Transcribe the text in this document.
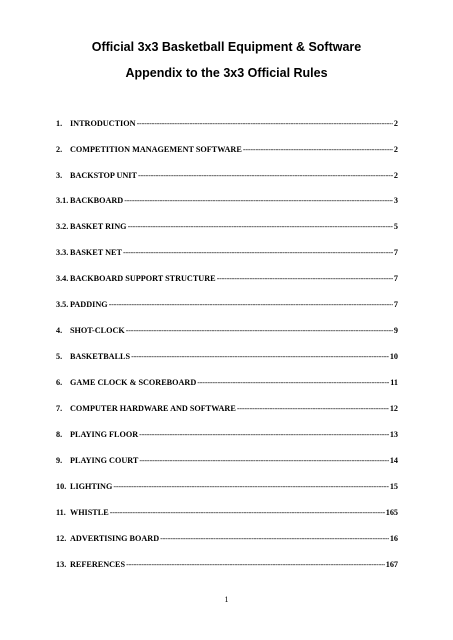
Official 3x3 Basketball Equipment & Software
Appendix to the 3x3 Official Rules
1. INTRODUCTION -----	2
2. COMPETITION MANAGEMENT SOFTWARE -----	2
3. BACKSTOP UNIT -----	2
3.1. BACKBOARD -----	3
3.2. BASKET RING -----	5
3.3. BASKET NET -----	7
3.4. BACKBOARD SUPPORT STRUCTURE -----	7
3.5. PADDING -----	7
4. SHOT-CLOCK -----	9
5. BASKETBALLS -----	10
6. GAME CLOCK & SCOREBOARD -----	11
7. COMPUTER HARDWARE AND SOFTWARE -----	12
8. PLAYING FLOOR -----	13
9. PLAYING COURT -----	14
10. LIGHTING -----	15
11. WHISTLE -----	165
12. ADVERTISING BOARD -----	16
13. REFERENCES -----	167
1
